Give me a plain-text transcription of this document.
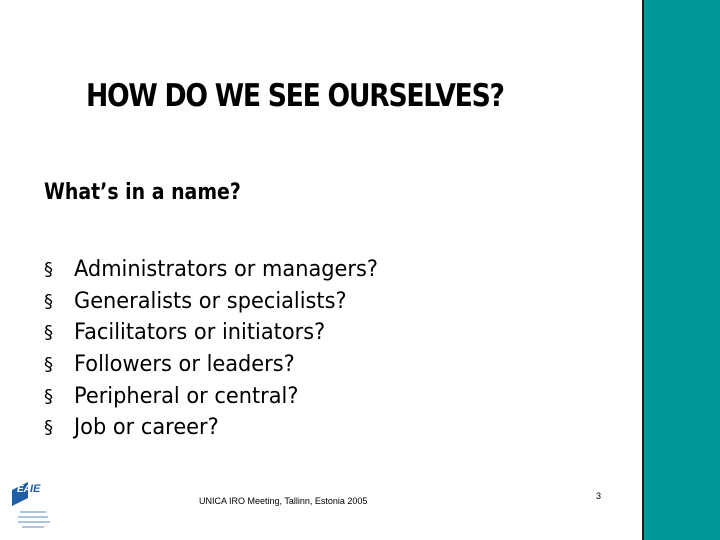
HOW DO WE SEE OURSELVES?
What’s in a name?
§ Administrators or managers?
§ Generalists or specialists?
§ Facilitators or initiators?
§ Followers or leaders?
§ Peripheral or central?
§ Job or career?
EA IE
UNICA IRO Meeting, Tallinn, Estonia 2005	3
